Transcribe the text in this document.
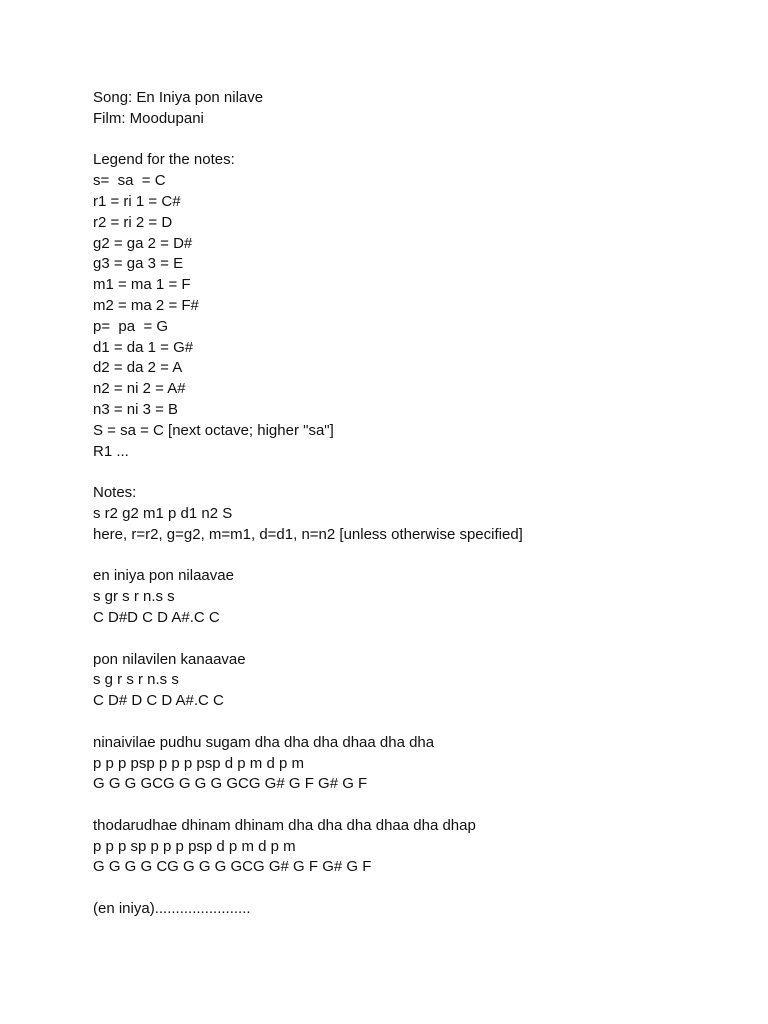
Song: En Iniya pon nilave
Film: Moodupani
Legend for the notes:
s=  sa  = C
r1 = ri 1 = C#
r2 = ri 2 = D
g2 = ga 2 = D#
g3 = ga 3 = E
m1 = ma 1 = F
m2 = ma 2 = F#
p=  pa  = G
d1 = da 1 = G#
d2 = da 2 = A
n2 = ni 2 = A#
n3 = ni 3 = B
S = sa = C [next octave; higher "sa"]
R1 ...
Notes:
s r2 g2 m1 p d1 n2 S
here, r=r2, g=g2, m=m1, d=d1, n=n2 [unless otherwise specified]
en iniya pon nilaavae
s gr s r n.s s
C D#D C D A#.C C
pon nilavilen kanaavae
s g r s r n.s s
C D# D C D A#.C C
ninaivilae pudhu sugam dha dha dha dhaa dha dha
p p p psp p p p psp d p m d p m
G G G GCG G G G GCG G# G F G# G F
thodarudhae dhinam dhinam dha dha dha dhaa dha dhap
p p p sp p p p psp d p m d p m
G G G G CG G G G GCG G# G F G# G F
(en iniya).......................
